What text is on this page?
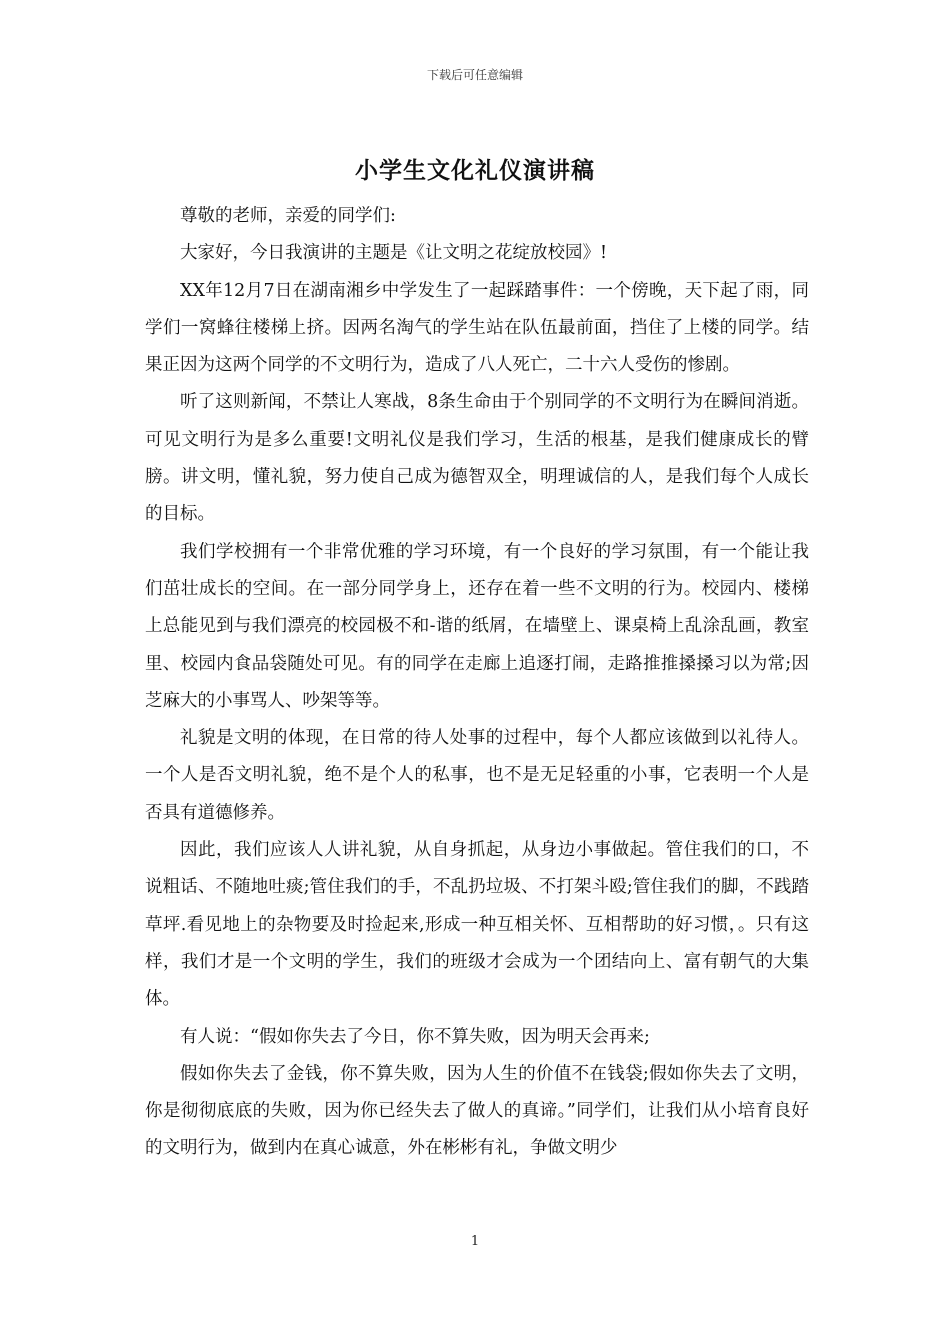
下载后可任意编辑
小学生文化礼仪演讲稿

尊敬的老师，亲爱的同学们:

大家好，今日我演讲的主题是《让文明之花绽放校园》!

XX年12月7日在湖南湘乡中学发生了一起踩踏事件：一个傍晚，天下起了雨，同学们一窝蜂往楼梯上挤。因两名淘气的学生站在队伍最前面，挡住了上楼的同学。结果正因为这两个同学的不文明行为，造成了八人死亡，二十六人受伤的惨剧。

听了这则新闻，不禁让人寒战，8条生命由于个别同学的不文明行为在瞬间消逝。可见文明行为是多么重要!文明礼仪是我们学习，生活的根基，是我们健康成长的臂膀。讲文明，懂礼貌，努力使自己成为德智双全，明理诚信的人，是我们每个人成长的目标。

我们学校拥有一个非常优雅的学习环境，有一个良好的学习氛围，有一个能让我们茁壮成长的空间。在一部分同学身上，还存在着一些不文明的行为。校园内、楼梯上总能见到与我们漂亮的校园极不和-谐的纸屑，在墙壁上、课桌椅上乱涂乱画，教室里、校园内食品袋随处可见。有的同学在走廊上追逐打闹，走路推推搡搡习以为常;因芝麻大的小事骂人、吵架等等。

礼貌是文明的体现，在日常的待人处事的过程中，每个人都应该做到以礼待人。一个人是否文明礼貌，绝不是个人的私事，也不是无足轻重的小事，它表明一个人是否具有道德修养。

因此，我们应该人人讲礼貌，从自身抓起，从身边小事做起。管住我们的口，不说粗话、不随地吐痰;管住我们的手，不乱扔垃圾、不打架斗殴;管住我们的脚，不践踏草坪.看见地上的杂物要及时捡起来,形成一种互相关怀、互相帮助的好习惯，。只有这样，我们才是一个文明的学生，我们的班级才会成为一个团结向上、富有朝气的大集体。

有人说：“假如你失去了今日，你不算失败，因为明天会再来;

假如你失去了金钱，你不算失败，因为人生的价值不在钱袋;假如你失去了文明，你是彻彻底底的失败，因为你已经失去了做人的真谛。”同学们，让我们从小培育良好的文明行为，做到内在真心诚意，外在彬彬有礼，争做文明少

1
